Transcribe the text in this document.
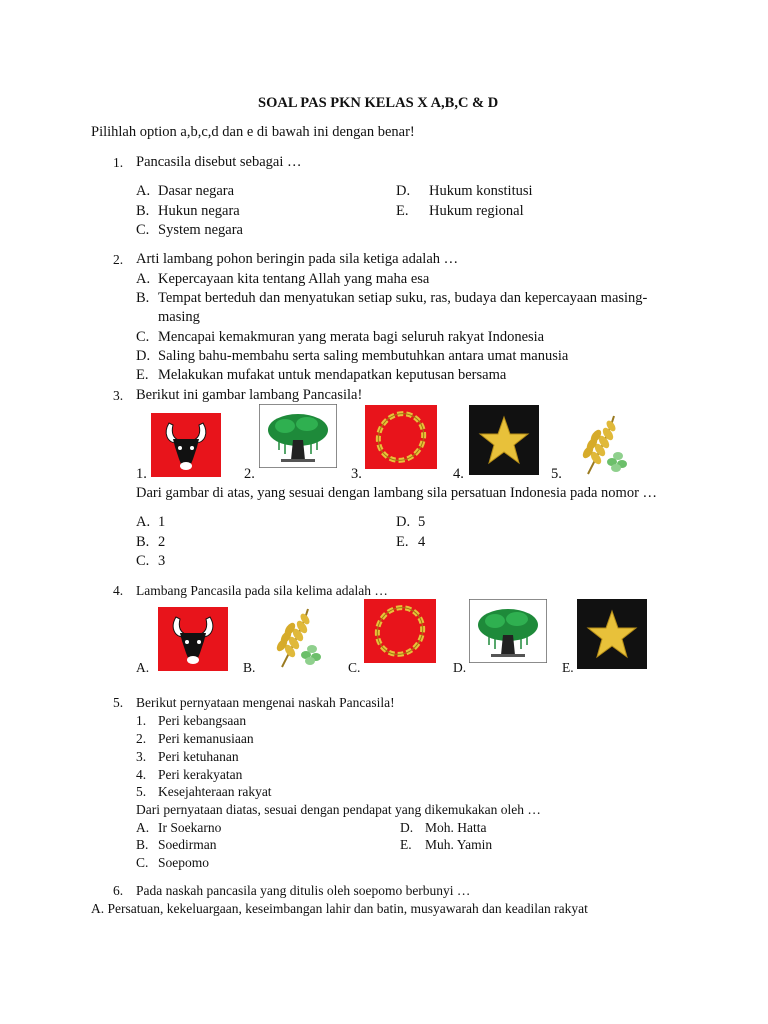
SOAL PAS PKN KELAS X A,B,C & D
Pilihlah option a,b,c,d dan e di bawah ini dengan benar!
1. Pancasila disebut sebagai …
A. Dasar negara
B. Hukun negara
C. System negara
D. Hukum konstitusi
E. Hukum regional
2. Arti lambang pohon beringin pada sila ketiga adalah …
A. Kepercayaan kita tentang Allah yang maha esa
B. Tempat berteduh dan menyatukan setiap suku, ras, budaya dan kepercayaan masing-
masing
C. Mencapai kemakmuran yang merata bagi seluruh rakyat Indonesia
D. Saling bahu-membahu serta saling membutuhkan antara umat manusia
E. Melakukan mufakat untuk mendapatkan keputusan bersama
3. Berikut ini gambar lambang Pancasila!
1.	2.	3.	4.	5.
Dari gambar di atas, yang sesuai dengan lambang sila persatuan Indonesia pada nomor …
A. 1
B. 2
C. 3
D. 5
E. 4
4. Lambang Pancasila pada sila kelima adalah …
A.	B.	C.	D.	E.
5. Berikut pernyataan mengenai naskah Pancasila!
1. Peri kebangsaan
2. Peri kemanusiaan
3. Peri ketuhanan
4. Peri kerakyatan
5. Kesejahteraan rakyat
Dari pernyataan diatas, sesuai dengan pendapat yang dikemukakan oleh …
A. Ir Soekarno
B. Soedirman
C. Soepomo
D. Moh. Hatta
E. Muh. Yamin
6. Pada naskah pancasila yang ditulis oleh soepomo berbunyi …
A. Persatuan, kekeluargaan, keseimbangan lahir dan batin, musyawarah dan keadilan rakyat
